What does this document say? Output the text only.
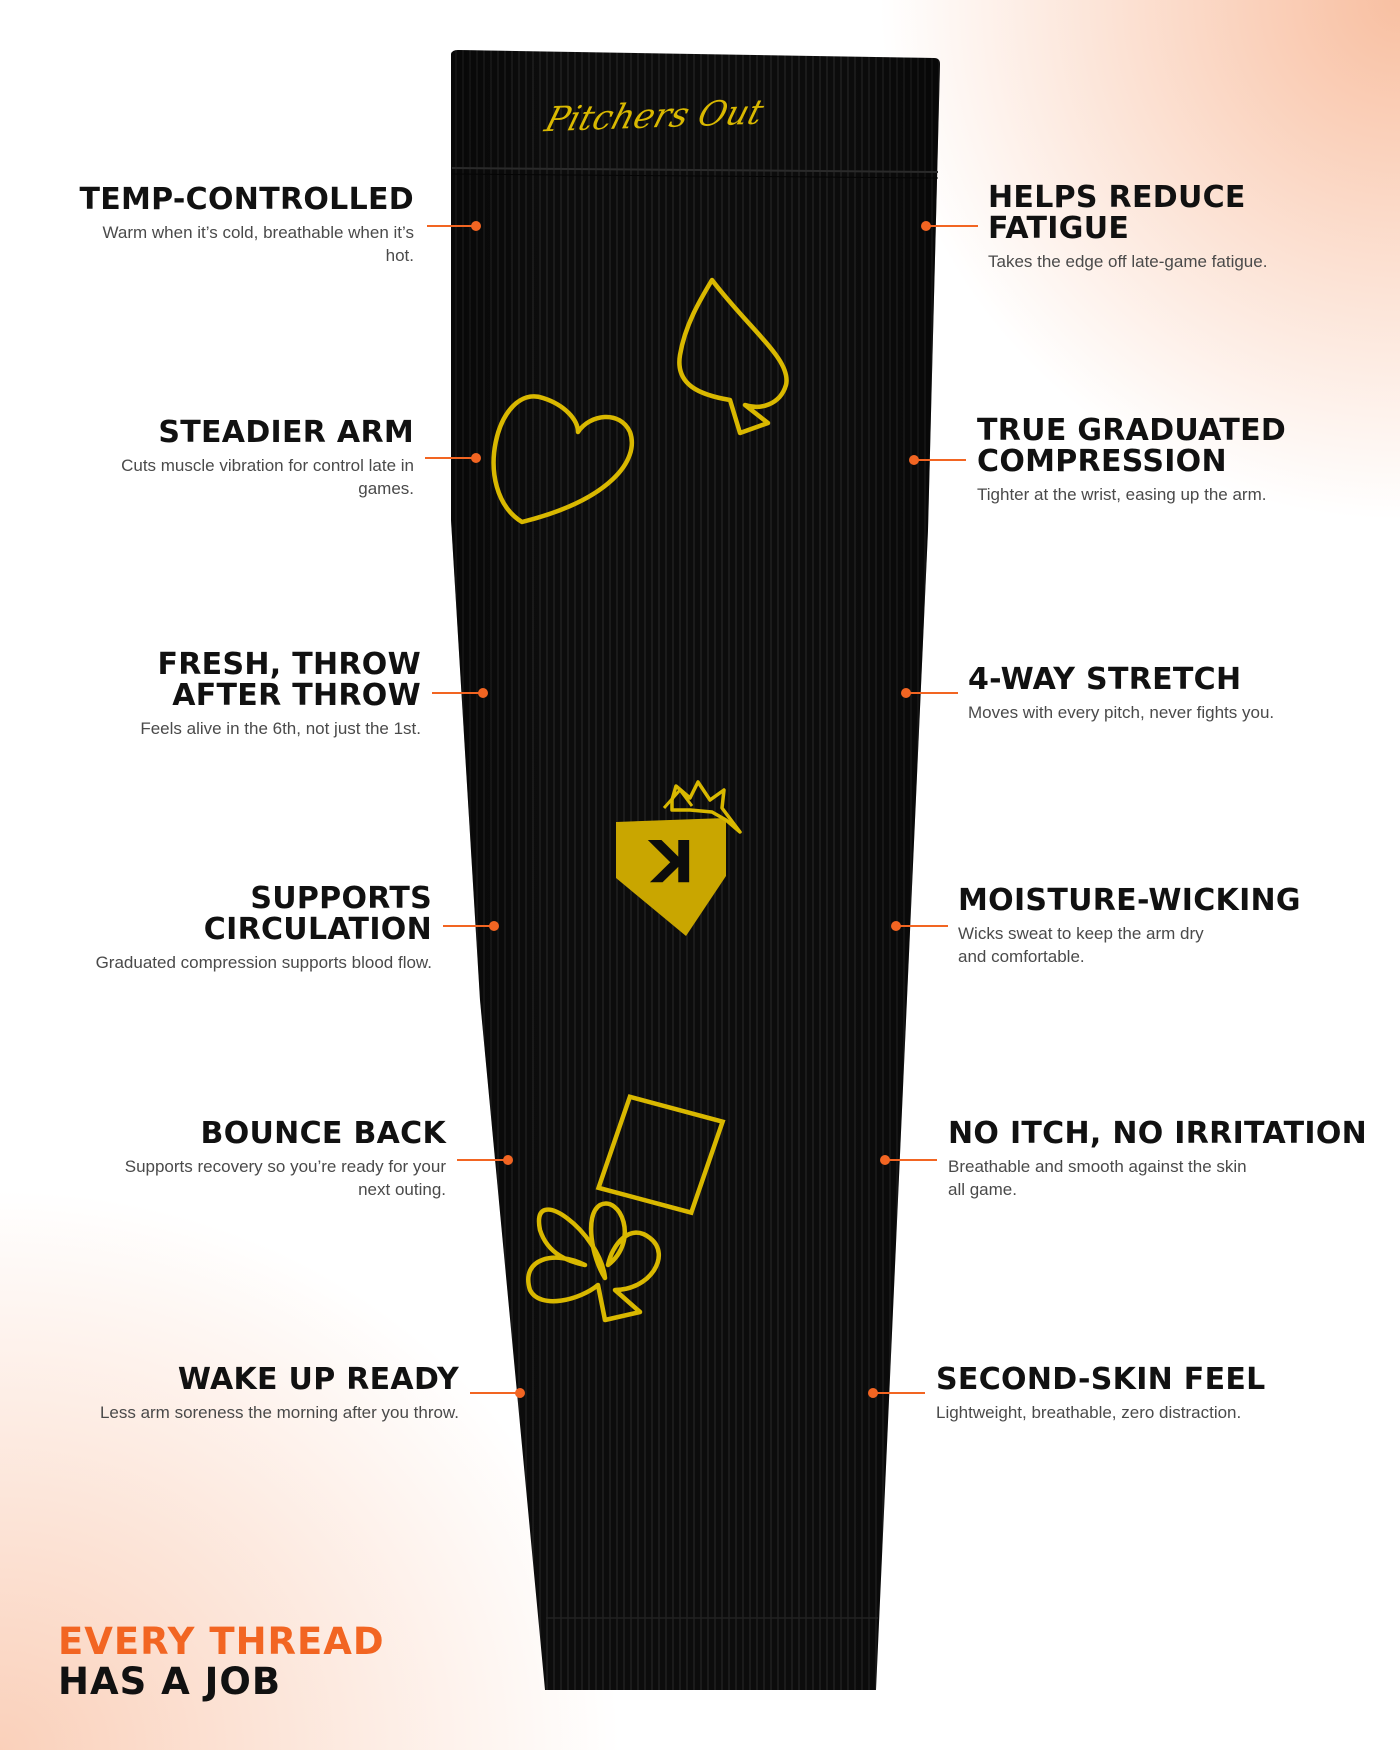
Pitchers Out
K
TEMP-CONTROLLED

Warm when it’s cold, breathable when it’s hot.

STEADIER ARM

Cuts muscle vibration for control late in games.

FRESH, THROW AFTER THROW

Feels alive in the 6th, not just the 1st.

SUPPORTS CIRCULATION

Graduated compression supports blood flow.

BOUNCE BACK

Supports recovery so you’re ready for your next outing.

WAKE UP READY

Less arm soreness the morning after you throw.

HELPS REDUCE FATIGUE

Takes the edge off late-game fatigue.

TRUE GRADUATED COMPRESSION

Tighter at the wrist, easing up the arm.

4-WAY STRETCH

Moves with every pitch, never fights you.

MOISTURE-WICKING

Wicks sweat to keep the arm dry and comfortable.

NO ITCH, NO IRRITATION

Breathable and smooth against the skin all game.

SECOND-SKIN FEEL

Lightweight, breathable, zero distraction.

EVERY THREAD
HAS A JOB
